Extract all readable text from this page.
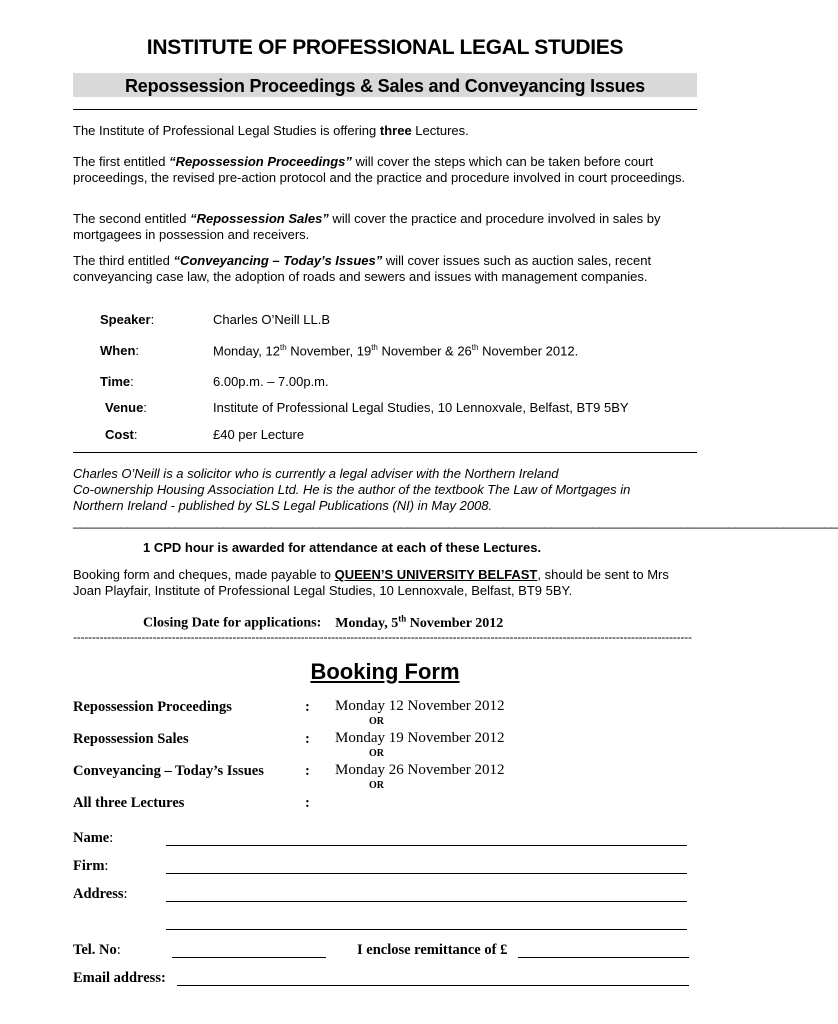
INSTITUTE OF PROFESSIONAL LEGAL STUDIES
Repossession Proceedings & Sales and Conveyancing Issues
The Institute of Professional Legal Studies is offering three Lectures.
The first entitled “Repossession Proceedings” will cover the steps which can be taken before court proceedings, the revised pre-action protocol and the practice and procedure involved in court proceedings.
The second entitled “Repossession Sales” will cover the practice and procedure involved in sales by mortgagees in possession and receivers.
The third entitled “Conveyancing – Today’s Issues” will cover issues such as auction sales, recent conveyancing case law, the adoption of roads and sewers and issues with management companies.
Speaker:	Charles O’Neill LL.B
When:	Monday, 12th November, 19th November & 26th November 2012.
Time:	6.00p.m. – 7.00p.m.
Venue:	Institute of Professional Legal Studies, 10 Lennoxvale, Belfast, BT9 5BY
Cost:	£40 per Lecture
Charles O’Neill is a solicitor who is currently a legal adviser with the Northern Ireland
Co-ownership Housing Association Ltd. He is the author of the textbook The Law of Mortgages in
Northern Ireland - published by SLS Legal Publications (NI) in May 2008.
________________________________________________________________________________________________________________
1 CPD hour is awarded for attendance at each of these Lectures.
Booking form and cheques, made payable to QUEEN’S UNIVERSITY BELFAST, should be sent to Mrs Joan Playfair, Institute of Professional Legal Studies, 10 Lennoxvale, Belfast, BT9 5BY.
Closing Date for applications: Monday, 5th November 2012
-------------------------------------------------------------------------------------------------------------------------------------------------------------------
Booking Form
Repossession Proceedings	: Monday 12 November 2012
OR
Repossession Sales	: Monday 19 November 2012
OR
Conveyancing – Today’s Issues	: Monday 26 November 2012
OR
All three Lectures	:
Name:
Firm:
Address:
Tel. No:	I enclose remittance of £
Email address:
